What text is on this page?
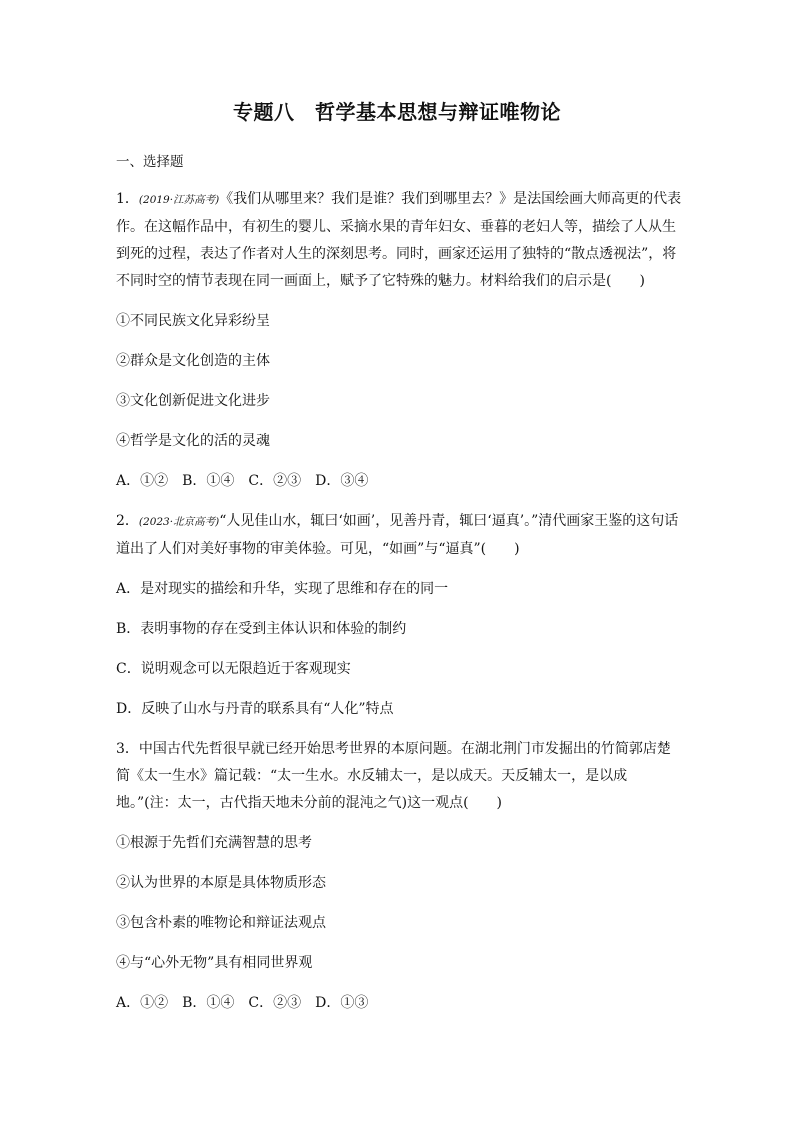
专题八　哲学基本思想与辩证唯物论
一、选择题

1．(2019·江苏高考)《我们从哪里来？我们是谁？我们到哪里去？》是法国绘画大师高更的代表作。在这幅作品中，有初生的婴儿、采摘水果的青年妇女、垂暮的老妇人等，描绘了人从生到死的过程，表达了作者对人生的深刻思考。同时，画家还运用了独特的“散点透视法”，将不同时空的情节表现在同一画面上，赋予了它特殊的魅力。材料给我们的启示是(　　)

①不同民族文化异彩纷呈

②群众是文化创造的主体

③文化创新促进文化进步

④哲学是文化的活的灵魂

A．①②　B．①④　C．②③　D．③④

2．(2023·北京高考)“人见佳山水，辄曰‘如画’，见善丹青，辄曰‘逼真’。”清代画家王鉴的这句话道出了人们对美好事物的审美体验。可见，“如画”与“逼真”(　　)

A．是对现实的描绘和升华，实现了思维和存在的同一

B．表明事物的存在受到主体认识和体验的制约

C．说明观念可以无限趋近于客观现实

D．反映了山水与丹青的联系具有“人化”特点

3．中国古代先哲很早就已经开始思考世界的本原问题。在湖北荆门市发掘出的竹简郭店楚简《太一生水》篇记载：“太一生水。水反辅太一，是以成天。天反辅太一，是以成地。”(注：太一，古代指天地未分前的混沌之气)这一观点(　　)

①根源于先哲们充满智慧的思考

②认为世界的本原是具体物质形态

③包含朴素的唯物论和辩证法观点

④与“心外无物”具有相同世界观

A．①②　B．①④　C．②③　D．①③
